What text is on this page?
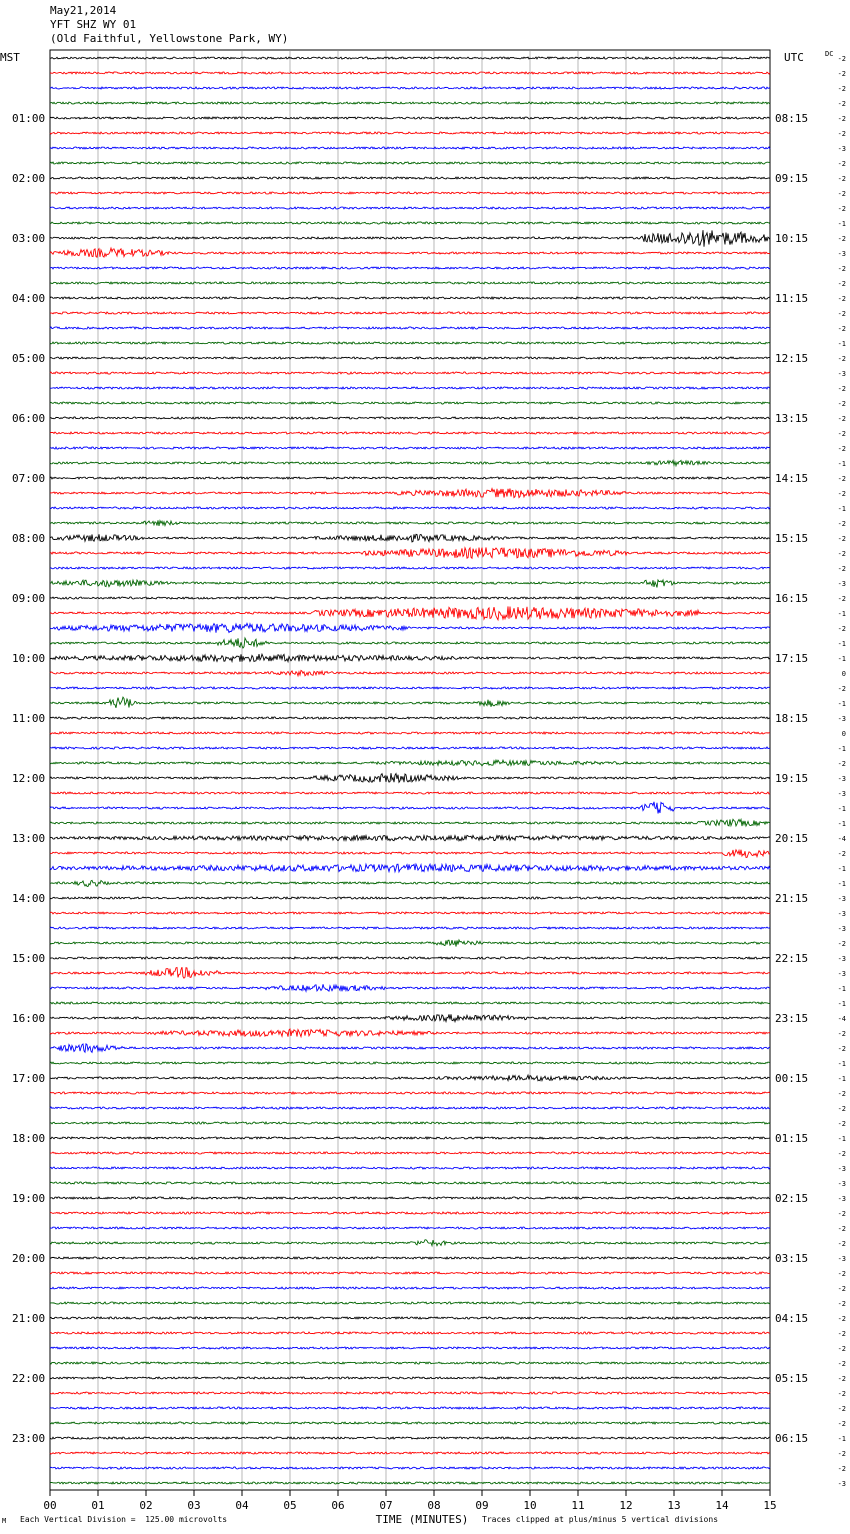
May21,2014
YFT SHZ WY 01
(Old Faithful, Yellowstone Park, WY)
MST	UTC	DC
01:00
02:00
03:00
04:00
05:00
06:00
07:00
08:00
09:00
10:00
11:00
12:00
13:00
14:00
15:00
16:00
17:00
18:00
19:00
20:00
21:00
22:00
23:00
08:15
09:15
10:15
11:15
12:15
13:15
14:15
15:15
16:15
17:15
18:15
19:15
20:15
21:15
22:15
23:15
00:15
01:15
02:15
03:15
04:15
05:15
06:15
-2
-2
-2
-2
-2
-2
-3
-2
-2
-2
-2
-1
-2
-3
-2
-2
-2
-2
-2
-1
-2
-3
-2
-2
-2
-2
-2
-1
-2
-2
-1
-2
-2
-2
-2
-3
-2
-1
-2
-1
-1
0
-2
-1
-3
0
-1
-2
-3
-3
-1
-1
-4
-2
-1
-1
-3
-3
-3
-2
-3
-3
-1
-1
-4
-2
-2
-1
-1
-2
-2
-2
-1
-2
-3
-3
-3
-2
-2
-2
-3
-2
-2
-2
-2
-2
-2
-2
-2
-2
-2
-2
-1
-2
-2
-3
00	01	02	03	04	05	06	07	08	09	10	11	12	13	14	15
TIME (MINUTES)
M Each Vertical Division =  125.00 microvolts	Traces clipped at plus/minus 5 vertical divisions
